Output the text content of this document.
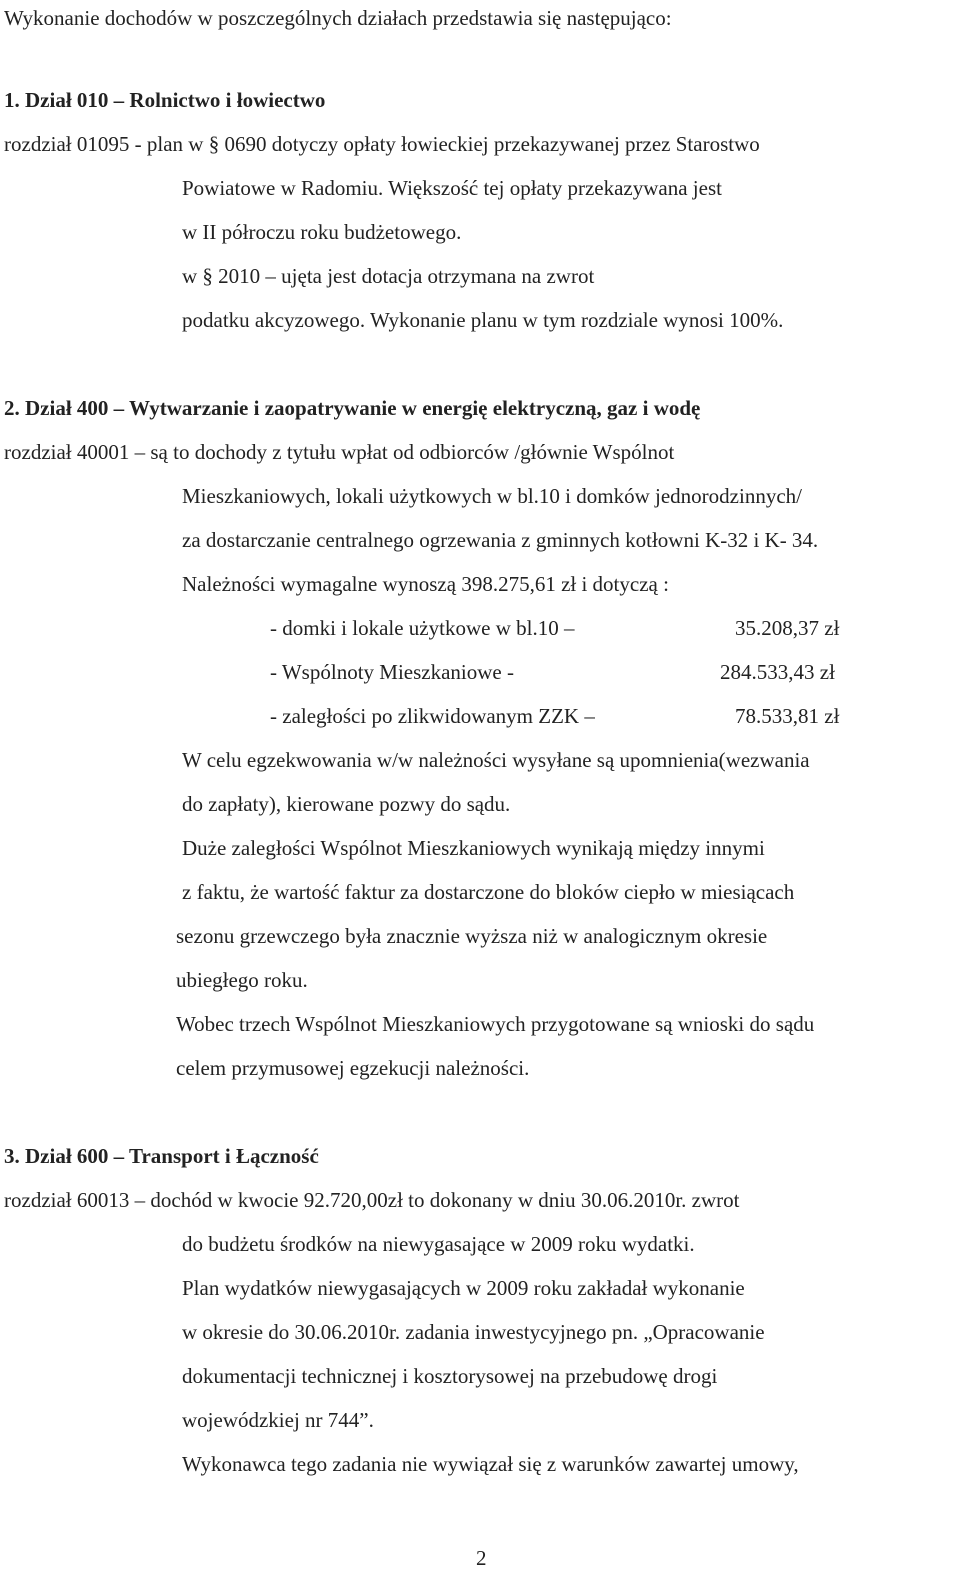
Wykonanie dochodów w poszczególnych działach przedstawia się następująco:
1. Dział 010 – Rolnictwo i łowiectwo
rozdział 01095 - plan w § 0690 dotyczy opłaty łowieckiej przekazywanej przez Starostwo
Powiatowe w Radomiu. Większość tej opłaty przekazywana jest
w II półroczu roku budżetowego.
w § 2010 – ujęta jest dotacja otrzymana na zwrot
podatku akcyzowego. Wykonanie planu w tym rozdziale wynosi 100%.
2. Dział 400 – Wytwarzanie i zaopatrywanie w energię elektryczną, gaz i wodę
rozdział 40001 – są to dochody z tytułu wpłat od odbiorców /głównie Wspólnot
Mieszkaniowych, lokali użytkowych w bl.10 i domków jednorodzinnych/
za dostarczanie centralnego ogrzewania z gminnych kotłowni K-32 i K- 34.
Należności wymagalne wynoszą 398.275,61 zł i dotyczą :
- domki i lokale użytkowe w bl.10 –	35.208,37 zł
- Wspólnoty Mieszkaniowe -	284.533,43 zł
- zaległości po zlikwidowanym ZZK –	78.533,81 zł
W celu egzekwowania w/w należności wysyłane są upomnienia(wezwania
do zapłaty), kierowane pozwy do sądu.
Duże zaległości Wspólnot Mieszkaniowych wynikają między innymi
z faktu, że wartość faktur za dostarczone do bloków ciepło w miesiącach
sezonu grzewczego była znacznie wyższa niż w analogicznym okresie
ubiegłego roku.
Wobec trzech Wspólnot Mieszkaniowych przygotowane są wnioski do sądu
celem przymusowej egzekucji należności.
3. Dział 600 – Transport i Łączność
rozdział 60013 – dochód w kwocie 92.720,00zł to dokonany w dniu 30.06.2010r. zwrot
do budżetu środków na niewygasające w 2009 roku wydatki.
Plan wydatków niewygasających w 2009 roku zakładał wykonanie
w okresie do 30.06.2010r. zadania inwestycyjnego pn. „Opracowanie
dokumentacji technicznej i kosztorysowej na przebudowę drogi
wojewódzkiej nr 744”.
Wykonawca tego zadania nie wywiązał się z warunków zawartej umowy,
2
